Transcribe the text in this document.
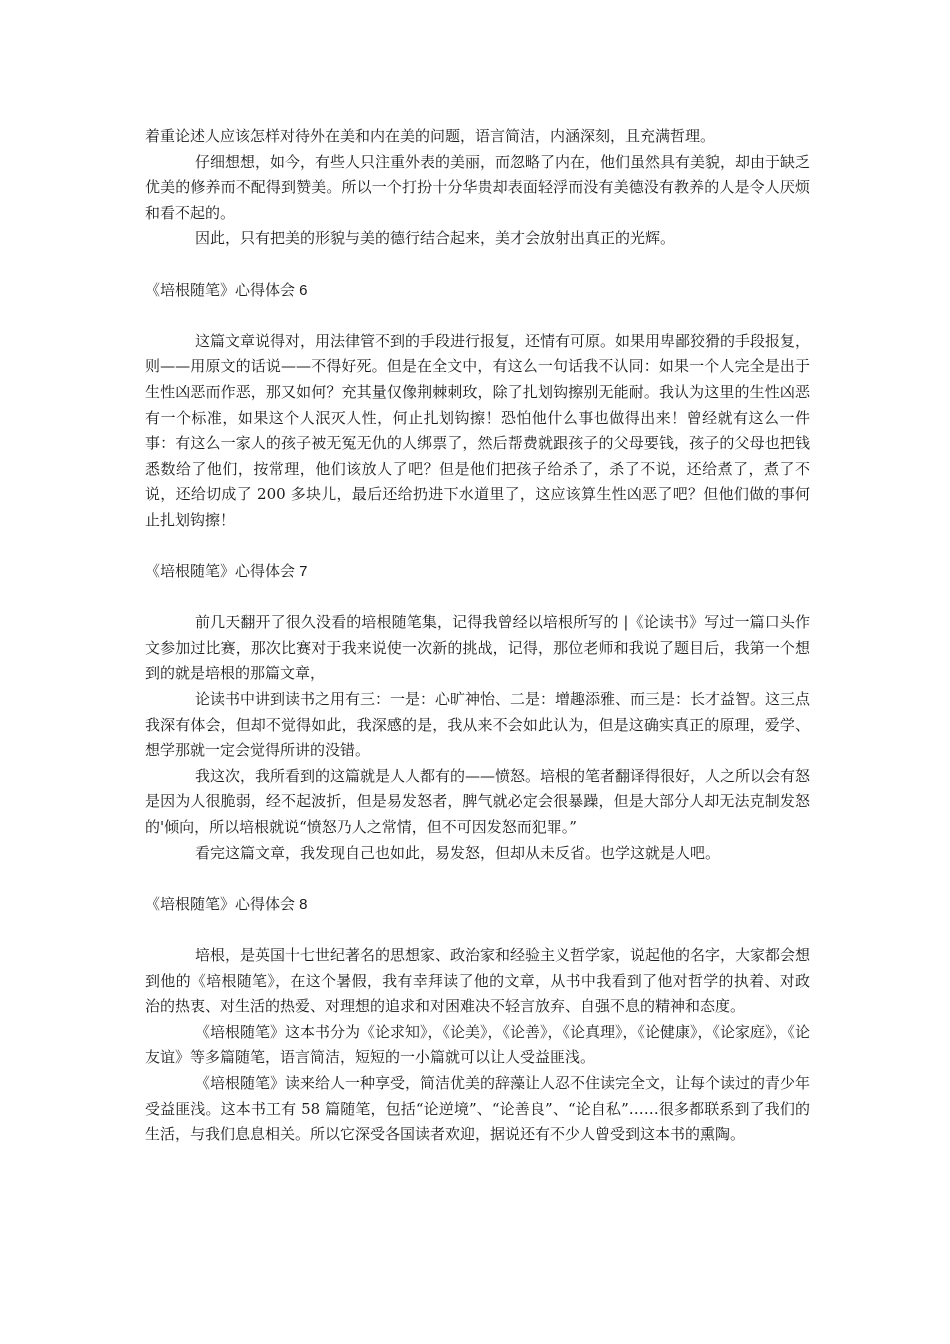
着重论述人应该怎样对待外在美和内在美的问题，语言简洁，内涵深刻，且充满哲理。

仔细想想，如今，有些人只注重外表的美丽，而忽略了内在，他们虽然具有美貌，却由于缺乏优美的修养而不配得到赞美。所以一个打扮十分华贵却表面轻浮而没有美德没有教养的人是令人厌烦和看不起的。

因此，只有把美的形貌与美的德行结合起来，美才会放射出真正的光辉。

《培根随笔》心得体会 6

这篇文章说得对，用法律管不到的手段进行报复，还情有可原。如果用卑鄙狡猾的手段报复，则——用原文的话说——不得好死。但是在全文中，有这么一句话我不认同：如果一个人完全是出于生性凶恶而作恶，那又如何？充其量仅像荆棘刺玫，除了扎划钩擦别无能耐。我认为这里的生性凶恶有一个标准，如果这个人泯灭人性，何止扎划钩擦！恐怕他什么事也做得出来！曾经就有这么一件事：有这么一家人的孩子被无冤无仇的人绑票了，然后帮费就跟孩子的父母要钱，孩子的父母也把钱悉数给了他们，按常理，他们该放人了吧？但是他们把孩子给杀了，杀了不说，还给煮了，煮了不说，还给切成了 200 多块儿，最后还给扔进下水道里了，这应该算生性凶恶了吧？但他们做的事何止扎划钩擦！

《培根随笔》心得体会 7

前几天翻开了很久没看的培根随笔集，记得我曾经以培根所写的 |《论读书》写过一篇口头作文参加过比赛，那次比赛对于我来说使一次新的挑战，记得，那位老师和我说了题目后，我第一个想到的就是培根的那篇文章，

论读书中讲到读书之用有三：一是：心旷神怡、二是：增趣添雅、而三是：长才益智。这三点我深有体会，但却不觉得如此，我深感的是，我从来不会如此认为，但是这确实真正的原理，爱学、想学那就一定会觉得所讲的没错。

我这次，我所看到的这篇就是人人都有的——愤怒。培根的笔者翻译得很好，人之所以会有怒是因为人很脆弱，经不起波折，但是易发怒者，脾气就必定会很暴躁，但是大部分人却无法克制发怒的'倾向，所以培根就说“愤怒乃人之常情，但不可因发怒而犯罪。”

看完这篇文章，我发现自己也如此，易发怒，但却从未反省。也学这就是人吧。

《培根随笔》心得体会 8

培根，是英国十七世纪著名的思想家、政治家和经验主义哲学家，说起他的名字，大家都会想到他的《培根随笔》，在这个暑假，我有幸拜读了他的文章，从书中我看到了他对哲学的执着、对政治的热衷、对生活的热爱、对理想的追求和对困难决不轻言放弃、自强不息的精神和态度。

《培根随笔》这本书分为《论求知》，《论美》，《论善》，《论真理》，《论健康》，《论家庭》，《论友谊》等多篇随笔，语言简洁，短短的一小篇就可以让人受益匪浅。

《培根随笔》读来给人一种享受，简洁优美的辞藻让人忍不住读完全文，让每个读过的青少年受益匪浅。这本书工有 58 篇随笔，包括“论逆境”、“论善良”、“论自私”……很多都联系到了我们的生活，与我们息息相关。所以它深受各国读者欢迎，据说还有不少人曾受到这本书的熏陶。
